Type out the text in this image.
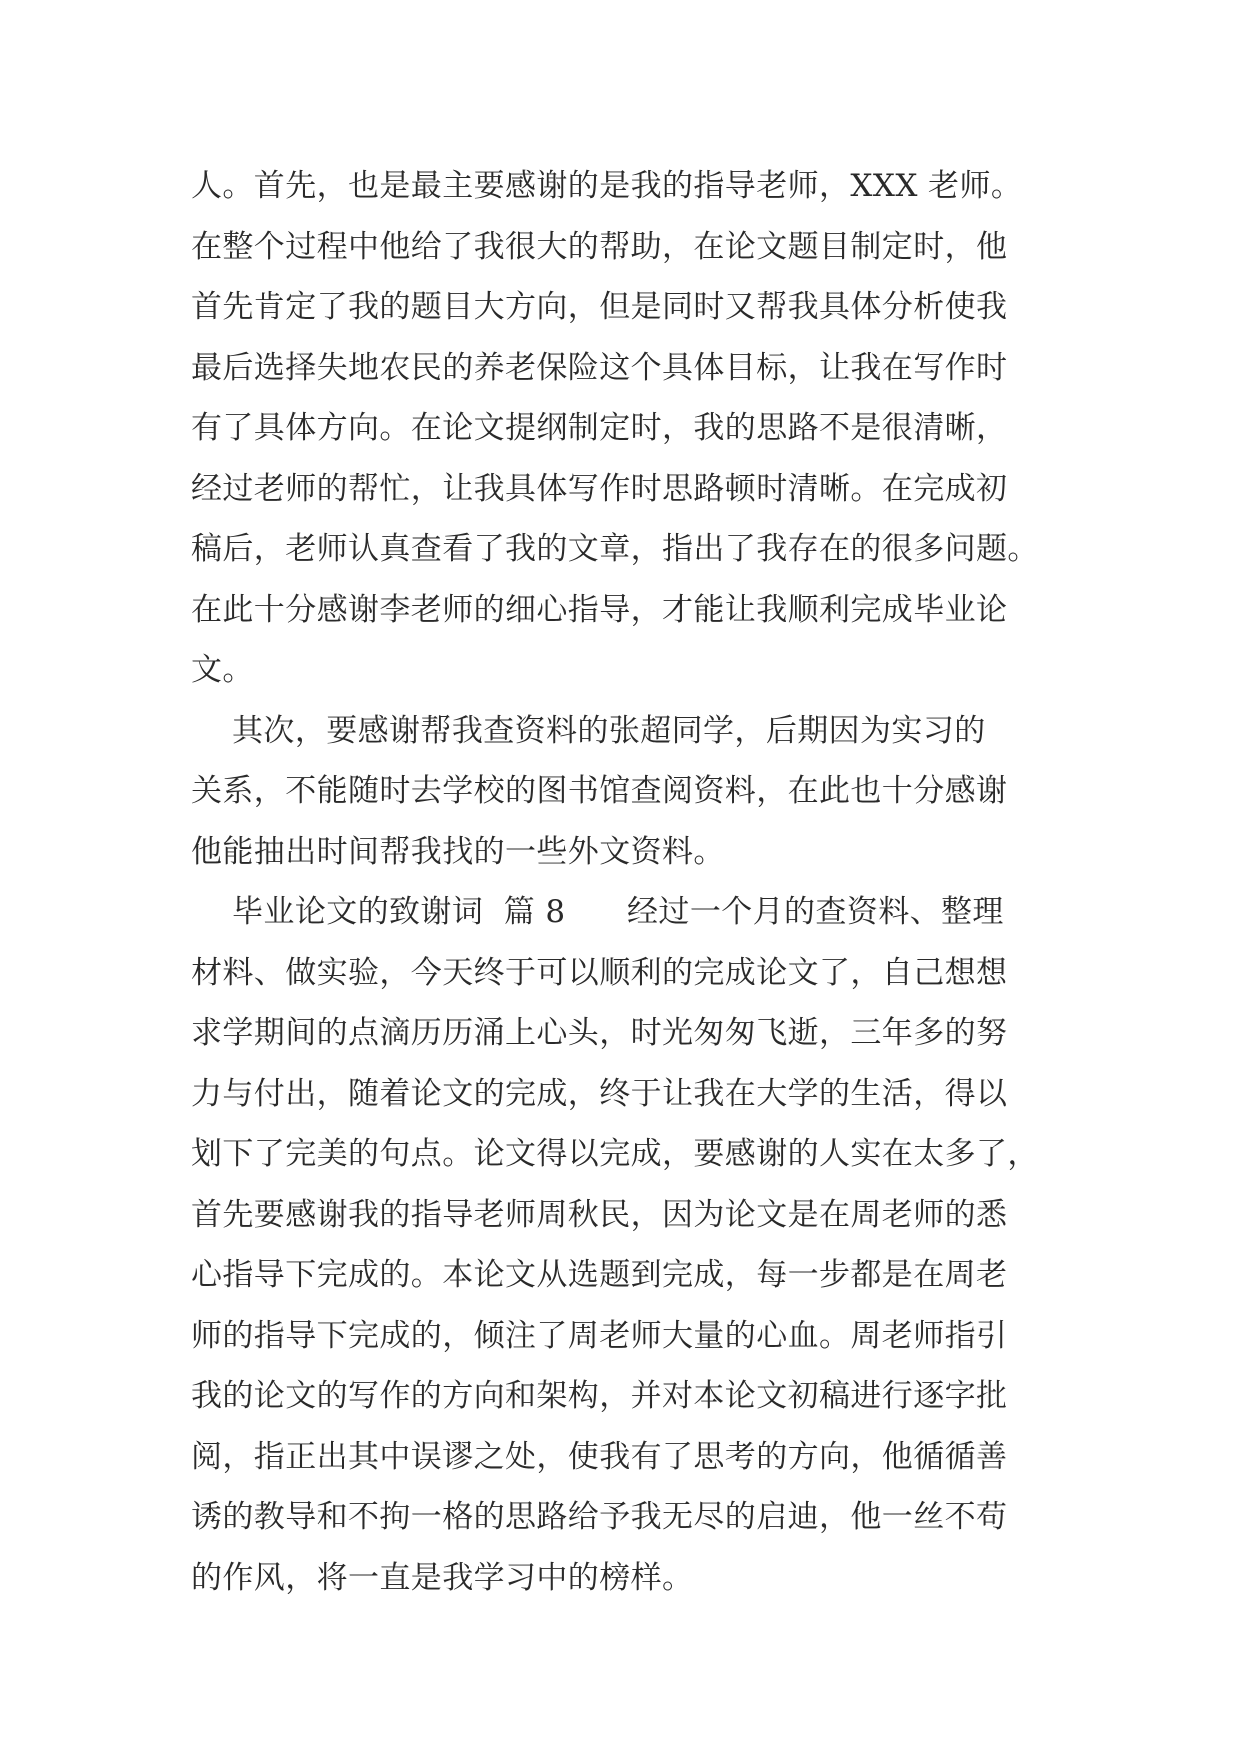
人。首先，也是最主要感谢的是我的指导老师，XXX 老师。
在整个过程中他给了我很大的帮助，在论文题目制定时，他
首先肯定了我的题目大方向，但是同时又帮我具体分析使我
最后选择失地农民的养老保险这个具体目标，让我在写作时
有了具体方向。在论文提纲制定时，我的思路不是很清晰，
经过老师的帮忙，让我具体写作时思路顿时清晰。在完成初
稿后，老师认真查看了我的文章，指出了我存在的很多问题。
在此十分感谢李老师的细心指导，才能让我顺利完成毕业论
文。
其次，要感谢帮我查资料的张超同学，后期因为实习的
关系，不能随时去学校的图书馆查阅资料，在此也十分感谢
他能抽出时间帮我找的一些外文资料。
毕业论文的致谢词  篇 8      经过一个月的查资料、整理
材料、做实验，今天终于可以顺利的完成论文了，自己想想
求学期间的点滴历历涌上心头，时光匆匆飞逝，三年多的努
力与付出，随着论文的完成，终于让我在大学的生活，得以
划下了完美的句点。论文得以完成，要感谢的人实在太多了，
首先要感谢我的指导老师周秋民，因为论文是在周老师的悉
心指导下完成的。本论文从选题到完成，每一步都是在周老
师的指导下完成的，倾注了周老师大量的心血。周老师指引
我的论文的写作的方向和架构，并对本论文初稿进行逐字批
阅，指正出其中误谬之处，使我有了思考的方向，他循循善
诱的教导和不拘一格的思路给予我无尽的启迪，他一丝不苟
的作风，将一直是我学习中的榜样。
